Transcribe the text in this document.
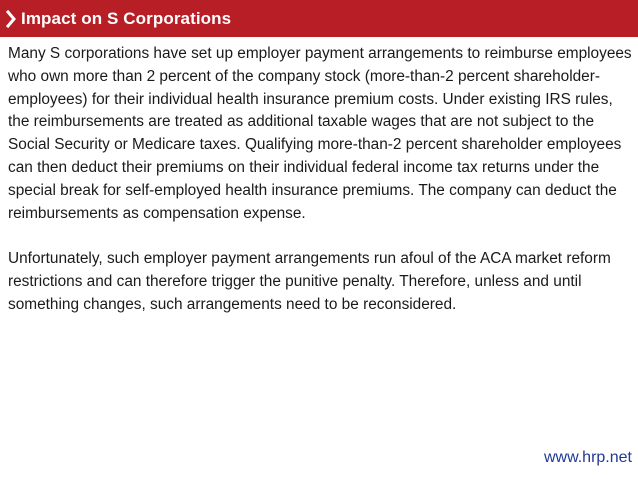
Impact on S Corporations

Many S corporations have set up employer payment arrangements to reimburse employees who own more than 2 percent of the company stock (more-than-2 percent shareholder-employees) for their individual health insurance premium costs. Under existing IRS rules, the reimbursements are treated as additional taxable wages that are not subject to the Social Security or Medicare taxes. Qualifying more-than-2 percent shareholder employees can then deduct their premiums on their individual federal income tax returns under the special break for self-employed health insurance premiums. The company can deduct the reimbursements as compensation expense.

Unfortunately, such employer payment arrangements run afoul of the ACA market reform restrictions and can therefore trigger the punitive penalty. Therefore, unless and until something changes, such arrangements need to be reconsidered.

www.hrp.net
